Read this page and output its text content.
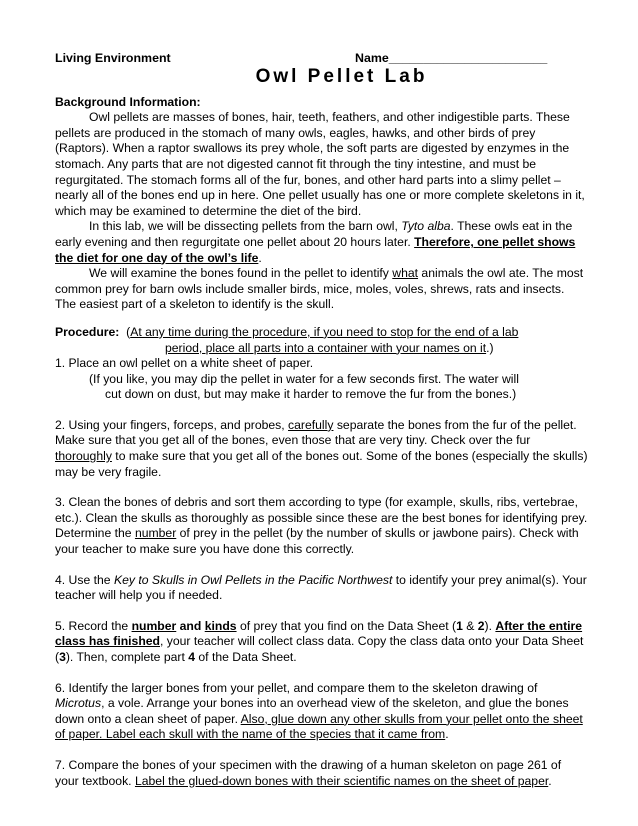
Living Environment	Name_______________________
Owl Pellet Lab

Background Information:

Owl pellets are masses of bones, hair, teeth, feathers, and other indigestible parts. These pellets are produced in the stomach of many owls, eagles, hawks, and other birds of prey (Raptors). When a raptor swallows its prey whole, the soft parts are digested by enzymes in the stomach. Any parts that are not digested cannot fit through the tiny intestine, and must be regurgitated. The stomach forms all of the fur, bones, and other hard parts into a slimy pellet – nearly all of the bones end up in here. One pellet usually has one or more complete skeletons in it, which may be examined to determine the diet of the bird.

In this lab, we will be dissecting pellets from the barn owl, Tyto alba. These owls eat in the early evening and then regurgitate one pellet about 20 hours later. Therefore, one pellet shows the diet for one day of the owl’s life.

We will examine the bones found in the pellet to identify what animals the owl ate. The most common prey for barn owls include smaller birds, mice, moles, voles, shrews, rats and insects. The easiest part of a skeleton to identify is the skull.

Procedure: (At any time during the procedure, if you need to stop for the end of a lab

period, place all parts into a container with your names on it.)

1. Place an owl pellet on a white sheet of paper.

(If you like, you may dip the pellet in water for a few seconds first. The water will

cut down on dust, but may make it harder to remove the fur from the bones.)

2. Using your fingers, forceps, and probes, carefully separate the bones from the fur of the pellet. Make sure that you get all of the bones, even those that are very tiny. Check over the fur thoroughly to make sure that you get all of the bones out. Some of the bones (especially the skulls) may be very fragile.

3. Clean the bones of debris and sort them according to type (for example, skulls, ribs, vertebrae, etc.). Clean the skulls as thoroughly as possible since these are the best bones for identifying prey. Determine the number of prey in the pellet (by the number of skulls or jawbone pairs). Check with your teacher to make sure you have done this correctly.

4. Use the Key to Skulls in Owl Pellets in the Pacific Northwest to identify your prey animal(s). Your teacher will help you if needed.

5. Record the number and kinds of prey that you find on the Data Sheet (1 & 2). After the entire class has finished, your teacher will collect class data. Copy the class data onto your Data Sheet (3). Then, complete part 4 of the Data Sheet.

6. Identify the larger bones from your pellet, and compare them to the skeleton drawing of Microtus, a vole. Arrange your bones into an overhead view of the skeleton, and glue the bones down onto a clean sheet of paper. Also, glue down any other skulls from your pellet onto the sheet of paper. Label each skull with the name of the species that it came from.

7. Compare the bones of your specimen with the drawing of a human skeleton on page 261 of your textbook. Label the glued-down bones with their scientific names on the sheet of paper.
